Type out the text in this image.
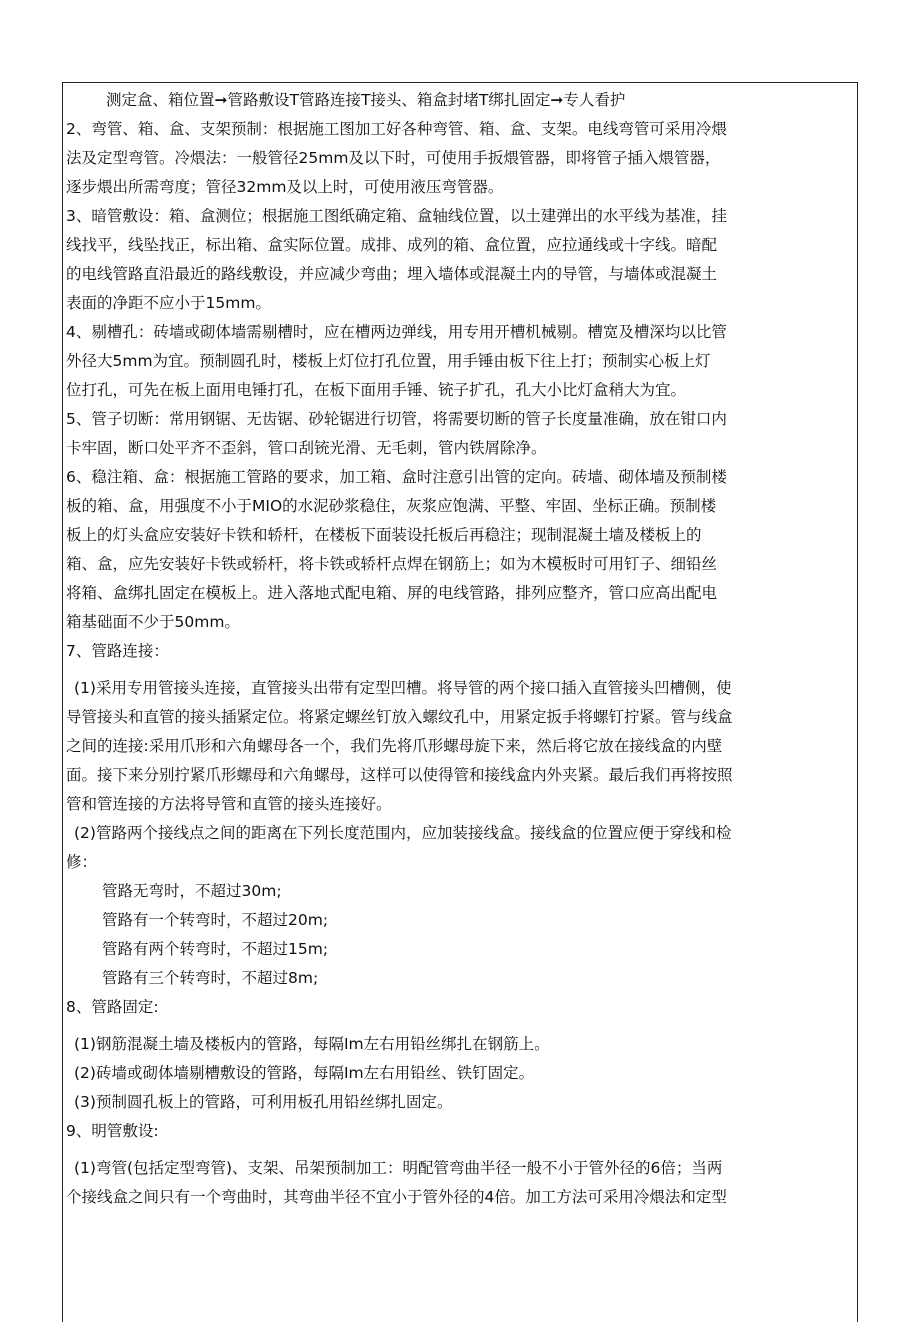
测定盒、箱位置➞管路敷设T管路连接T接头、箱盒封堵T绑扎固定➞专人看护
2、弯管、箱、盒、支架预制：根据施工图加工好各种弯管、箱、盒、支架。电线弯管可采用冷煨
法及定型弯管。冷煨法：一般管径25mm及以下时，可使用手扳煨管器，即将管子插入煨管器，
逐步煨出所需弯度；管径32mm及以上时，可使用液压弯管器。
3、暗管敷设：箱、盒测位；根据施工图纸确定箱、盒轴线位置，以土建弹出的水平线为基准，挂
线找平，线坠找正，标出箱、盒实际位置。成排、成列的箱、盒位置，应拉通线或十字线。暗配
的电线管路直沿最近的路线敷设，并应减少弯曲；埋入墙体或混凝土内的导管，与墙体或混凝土
表面的净距不应小于15mm。
4、剔槽孔：砖墙或砌体墙需剔槽时，应在槽两边弹线，用专用开槽机械剔。槽宽及槽深均以比管
外径大5mm为宜。预制圆孔时，楼板上灯位打孔位置，用手锤由板下往上打；预制实心板上灯
位打孔，可先在板上面用电锤打孔，在板下面用手锤、铳子扩孔，孔大小比灯盒稍大为宜。
5、管子切断：常用钢锯、无齿锯、砂轮锯进行切管，将需要切断的管子长度量准确，放在钳口内
卡牢固，断口处平齐不歪斜，管口刮铳光滑、无毛刺，管内铁屑除净。
6、稳注箱、盒：根据施工管路的要求，加工箱、盒时注意引出管的定向。砖墙、砌体墙及预制楼
板的箱、盒，用强度不小于MIO的水泥砂浆稳住，灰浆应饱满、平整、牢固、坐标正确。预制楼
板上的灯头盒应安装好卡铁和轿杆，在楼板下面装设托板后再稳注；现制混凝土墙及楼板上的
箱、盒，应先安装好卡铁或轿杆，将卡铁或轿杆点焊在钢筋上；如为木模板时可用钉子、细铅丝
将箱、盒绑扎固定在模板上。进入落地式配电箱、屏的电线管路，排列应整齐，管口应高出配电
箱基础面不少于50mm。
7、管路连接：
(1)采用专用管接头连接，直管接头出带有定型凹槽。将导管的两个接口插入直管接头凹槽侧，使
导管接头和直管的接头插紧定位。将紧定螺丝钉放入螺纹孔中，用紧定扳手将螺钉拧紧。管与线盒
之间的连接:采用爪形和六角螺母各一个，我们先将爪形螺母旋下来，然后将它放在接线盒的内壁
面。接下来分别拧紧爪形螺母和六角螺母，这样可以使得管和接线盒内外夹紧。最后我们再将按照
管和管连接的方法将导管和直管的接头连接好。
(2)管路两个接线点之间的距离在下列长度范围内，应加装接线盒。接线盒的位置应便于穿线和检
修：
管路无弯时，不超过30m;
管路有一个转弯时，不超过20m;
管路有两个转弯时，不超过15m;
管路有三个转弯时，不超过8m;
8、管路固定:
(1)钢筋混凝土墙及楼板内的管路，每隔Im左右用铅丝绑扎在钢筋上。
(2)砖墙或砌体墙剔槽敷设的管路，每隔Im左右用铅丝、铁钉固定。
(3)预制圆孔板上的管路，可利用板孔用铅丝绑扎固定。
9、明管敷设:
(1)弯管(包括定型弯管)、支架、吊架预制加工：明配管弯曲半径一般不小于管外径的6倍；当两
个接线盒之间只有一个弯曲时，其弯曲半径不宜小于管外径的4倍。加工方法可采用冷煨法和定型
